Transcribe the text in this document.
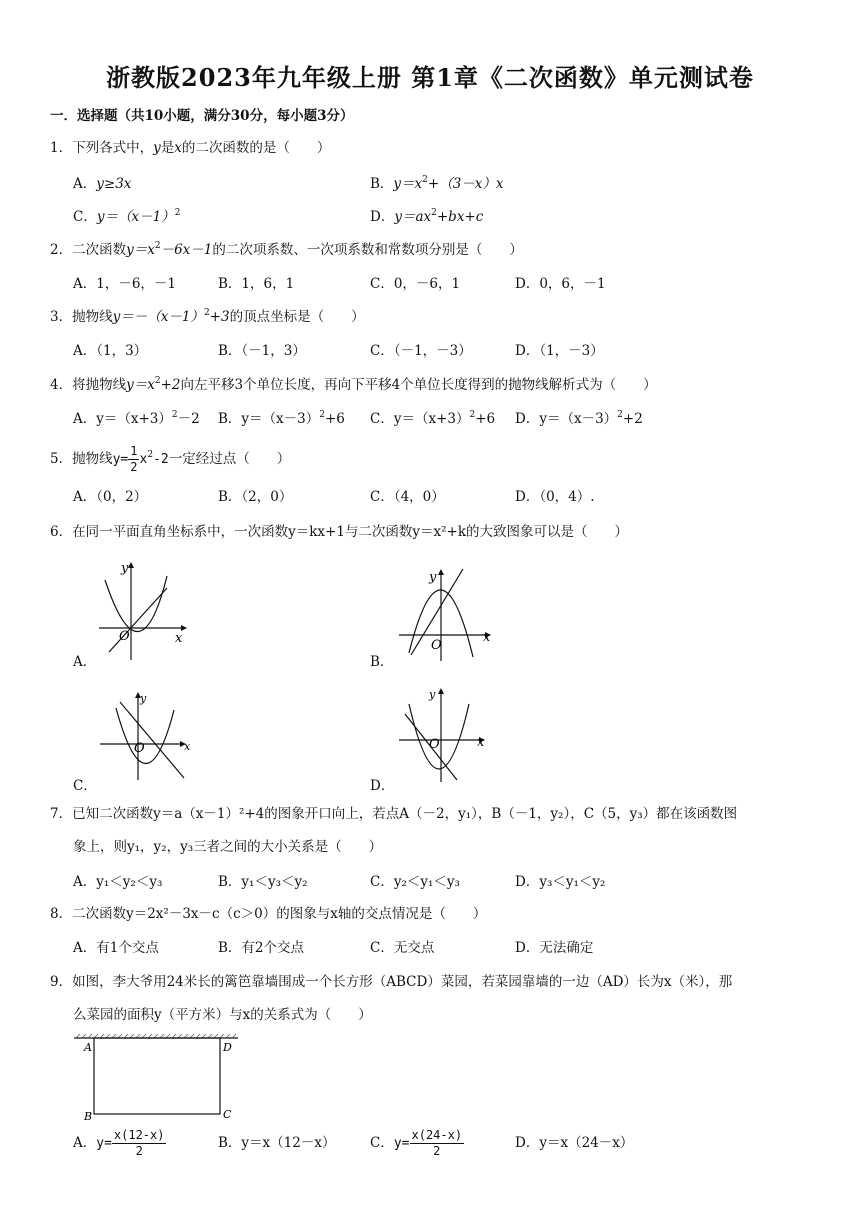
浙教版2023年九年级上册 第1章《二次函数》单元测试卷
一．选择题（共10小题，满分30分，每小题3分）
1．下列各式中，y是x的二次函数的是（　　）
A．y≥3x	B．$y=x^2+(3-x)x$
C．$y=(x-1)^2$	D．$y=ax^2+bx+c$
2．二次函数$y=x^2-6x-1$的二次项系数、一次项系数和常数项分别是（　　）
A．1，－6，－1	B．1，6，1	C．0，－6，1	D．0，6，－1
3．抛物线$y=-(x-1)^2+3$的顶点坐标是（　　）
A．（1，3）	B．（－1，3）	C．（－1，－3）	D．（1，－3）
4．将抛物线$y=x^2+2$向左平移3个单位长度，再向下平移4个单位长度得到的抛物线解析式为（　　）
A．$y=(x+3)^2-2$ B．$y=(x-3)^2+6$ C．$y=(x+3)^2+6$ D．$y=(x-3)^2+2$
5．抛物线$y= \frac{1}{2} x^2-2$一定经过点（　　）
A．（0，2）	B．（2，0）	C．（4，0）	D．（0，4）.
6．在同一平面直角坐标系中，一次函数y＝kx+1与二次函数y＝x²+k的大致图象可以是（　　）
y
x
O
A．
y
x
O
B．
y
x
O
C．
y
x
O
D．
7．已知二次函数y＝a（x－1）²+4的图象开口向上，若点A（－2，y₁），B（－1，y₂），C（5，y₃）都在该函数图
象上，则y₁，y₂，y₃三者之间的大小关系是（　　）
A．y₁＜y₂＜y₃	B．y₁＜y₃＜y₂	C．y₂＜y₁＜y₃	D．y₃＜y₁＜y₂
8．二次函数y＝2x²－3x－c（c＞0）的图象与x轴的交点情况是（　　）
A．有1个交点	B．有2个交点	C．无交点	D．无法确定
9．如图，李大爷用24米长的篱笆靠墙围成一个长方形（ABCD）菜园，若菜园靠墙的一边（AD）长为x（米），那
么菜园的面积y（平方米）与x的关系式为（　　）
A	D
B	C
A．$y= \frac{x(12-x)}{2}$	B．y＝x（12－x）	C．$y= \frac{x(24-x)}{2}$	D．y＝x（24－x）
